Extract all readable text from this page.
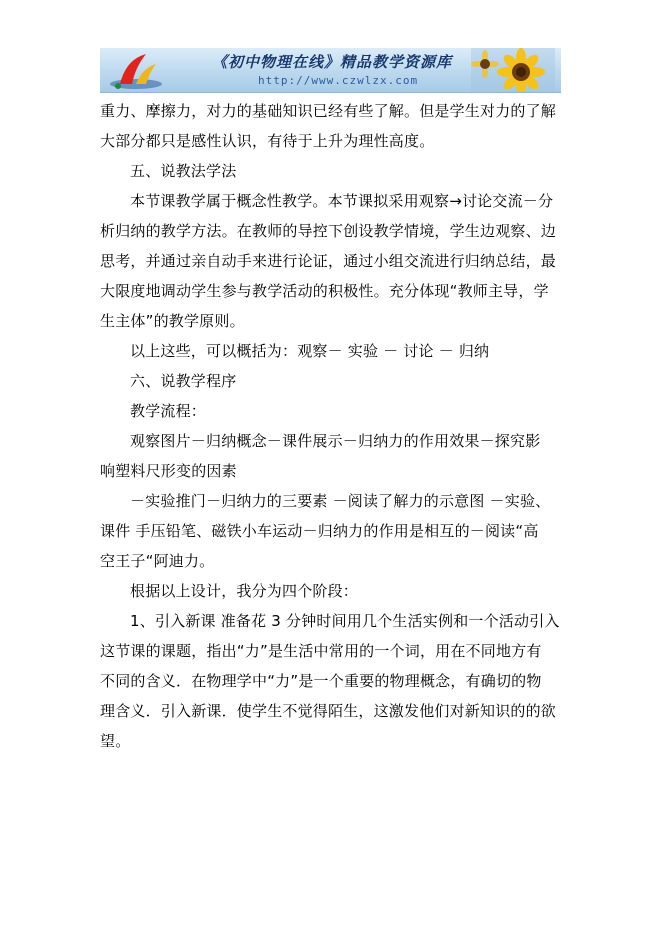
《初中物理在线》精品教学资源库
http://www.czwlzx.com

重力、摩擦力，对力的基础知识已经有些了解。但是学生对力的了解

大部分都只是感性认识，有待于上升为理性高度。

五、说教法学法

本节课教学属于概念性教学。本节课拟采用观察→讨论交流－分

析归纳的教学方法。在教师的导控下创设教学情境，学生边观察、边

思考，并通过亲自动手来进行论证，通过小组交流进行归纳总结，最

大限度地调动学生参与教学活动的积极性。充分体现“教师主导，学

生主体”的教学原则。

以上这些，可以概括为：观察－ 实验 － 讨论 － 归纳

六、说教学程序

教学流程：

观察图片－归纳概念－课件展示－归纳力的作用效果－探究影

响塑料尺形变的因素

－实验推门－归纳力的三要素 －阅读了解力的示意图 －实验、

课件 手压铅笔、磁铁小车运动－归纳力的作用是相互的－阅读“高

空王子“阿迪力。

根据以上设计，我分为四个阶段：

1、引入新课 准备花 3 分钟时间用几个生活实例和一个活动引入

这节课的课题，指出“力”是生活中常用的一个词，用在不同地方有

不同的含义．在物理学中“力”是一个重要的物理概念，有确切的物

理含义．引入新课．使学生不觉得陌生，这激发他们对新知识的的欲

望。
